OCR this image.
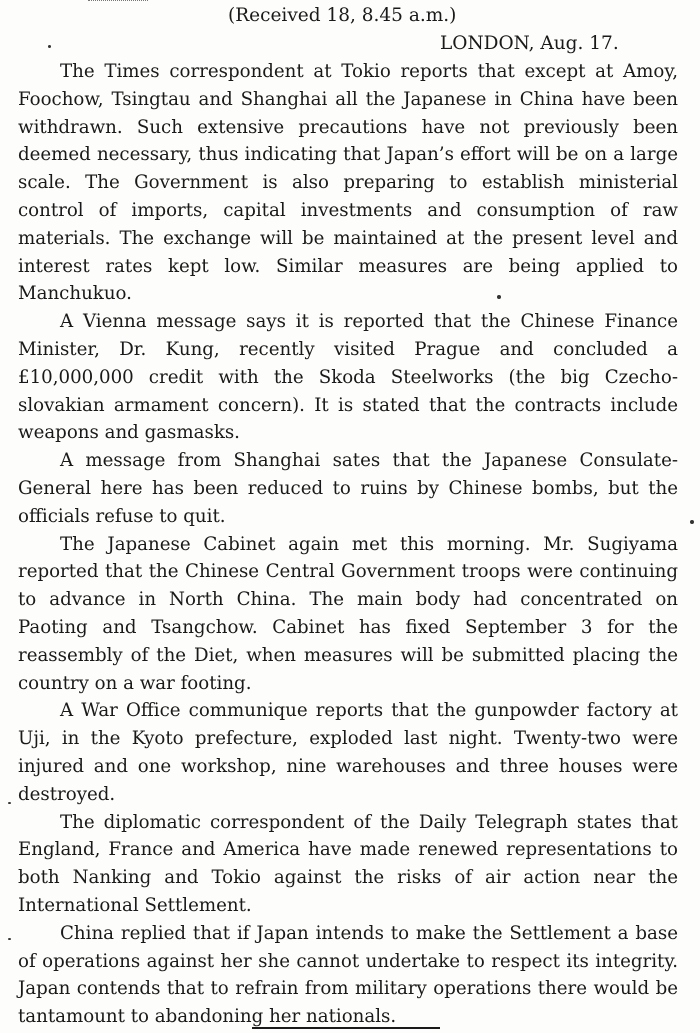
(Received 18, 8.45 a.m.)
LONDON, Aug. 17.

The Times correspondent at Tokio reports that except at Amoy, Foochow, Tsingtau and Shanghai all the Japanese in China have been withdrawn. Such extensive precautions have not previously been deemed necessary, thus indicating that Japan’s effort will be on a large scale. The Government is also preparing to establish ministerial control of imports, capital investments and consumption of raw materials. The exchange will be maintained at the present level and interest rates kept low. Similar measures are being applied to Manchukuo.

A Vienna message says it is reported that the Chinese Finance Minister, Dr. Kung, recently visited Prague and concluded a £10,000,000 credit with the Skoda Steelworks (the big Czechoslovakian armament concern). It is stated that the contracts include weapons and gasmasks.

A message from Shanghai sates that the Japanese Consulate-General here has been reduced to ruins by Chinese bombs, but the officials refuse to quit.

The Japanese Cabinet again met this morning. Mr. Sugiyama reported that the Chinese Central Government troops were continuing to advance in North China. The main body had concentrated on Paoting and Tsangchow. Cabinet has fixed September 3 for the reassembly of the Diet, when measures will be submitted placing the country on a war footing.

A War Office communique reports that the gunpowder factory at Uji, in the Kyoto prefecture, exploded last night. Twenty-two were injured and one workshop, nine warehouses and three houses were destroyed.

The diplomatic correspondent of the Daily Telegraph states that England, France and America have made renewed representations to both Nanking and Tokio against the risks of air action near the International Settlement.

China replied that if Japan intends to make the Settlement a base of operations against her she cannot undertake to respect its integrity. Japan contends that to refrain from military operations there would be tantamount to abandoning her nationals.
